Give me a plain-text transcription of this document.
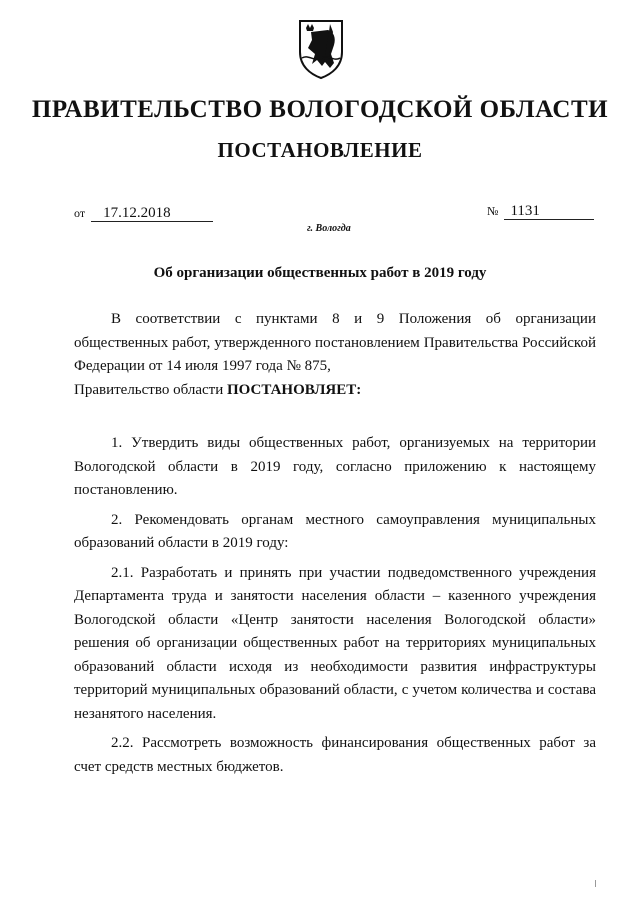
ПРАВИТЕЛЬСТВО ВОЛОГОДСКОЙ ОБЛАСТИ
ПОСТАНОВЛЕНИЕ
от 17.12.2018	№ 1131
г. Вологда
Об организации общественных работ в 2019 году

В соответствии с пунктами 8 и 9 Положения об организации общественных работ, утвержденного постановлением Правительства Российской Федерации от 14 июля 1997 года № 875,

Правительство области ПОСТАНОВЛЯЕТ:

1. Утвердить виды общественных работ, организуемых на территории Вологодской области в 2019 году, согласно приложению к настоящему постановлению.

2. Рекомендовать органам местного самоуправления муниципальных образований области в 2019 году:

2.1. Разработать и принять при участии подведомственного учреждения Департамента труда и занятости населения области – казенного учреждения Вологодской области «Центр занятости населения Вологодской области» решения об организации общественных работ на территориях муниципальных образований области исходя из необходимости развития инфраструктуры территорий муниципальных образований области, с учетом количества и состава незанятого населения.

2.2. Рассмотреть возможность финансирования общественных работ за счет средств местных бюджетов.
